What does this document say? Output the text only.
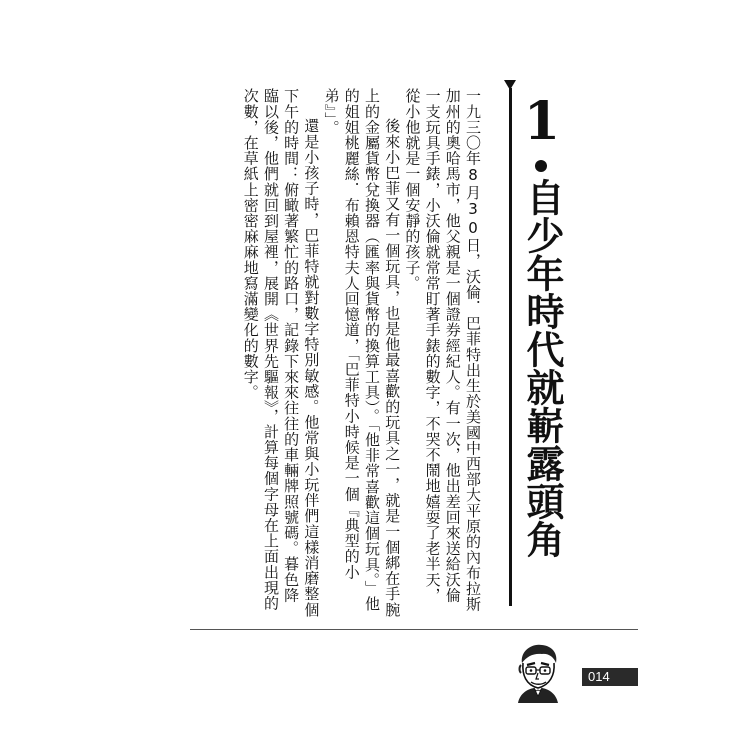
1
自少年時代就嶄露頭角

一九三〇年8月30日，沃倫．巴菲特出生於美國中西部大平原的內布拉斯加州的奧哈馬市，他父親是一個證券經紀人。有一次，他出差回來送給沃倫一支玩具手錶，小沃倫就常常盯著手錶的數字，不哭不鬧地嬉耍了老半天，從小他就是一個安靜的孩子。

後來小巴菲又有一個玩具，也是他最喜歡的玩具之一，就是一個綁在手腕上的金屬貨幣兌換器（匯率與貨幣的換算工具）。「他非常喜歡這個玩具。」他的姐姐桃麗絲．布賴恩特夫人回憶道，「巴菲特小時候是一個『典型的小弟』」。

還是小孩子時，巴菲特就對數字特別敏感。他常與小玩伴們這樣消磨整個下午的時間：俯瞰著繁忙的路口，記錄下來來往往的車輛牌照號碼。暮色降臨以後，他們就回到屋裡，展開《世界先驅報》，計算每個字母在上面出現的次數，在草紙上密密麻麻地寫滿變化的數字。

014
